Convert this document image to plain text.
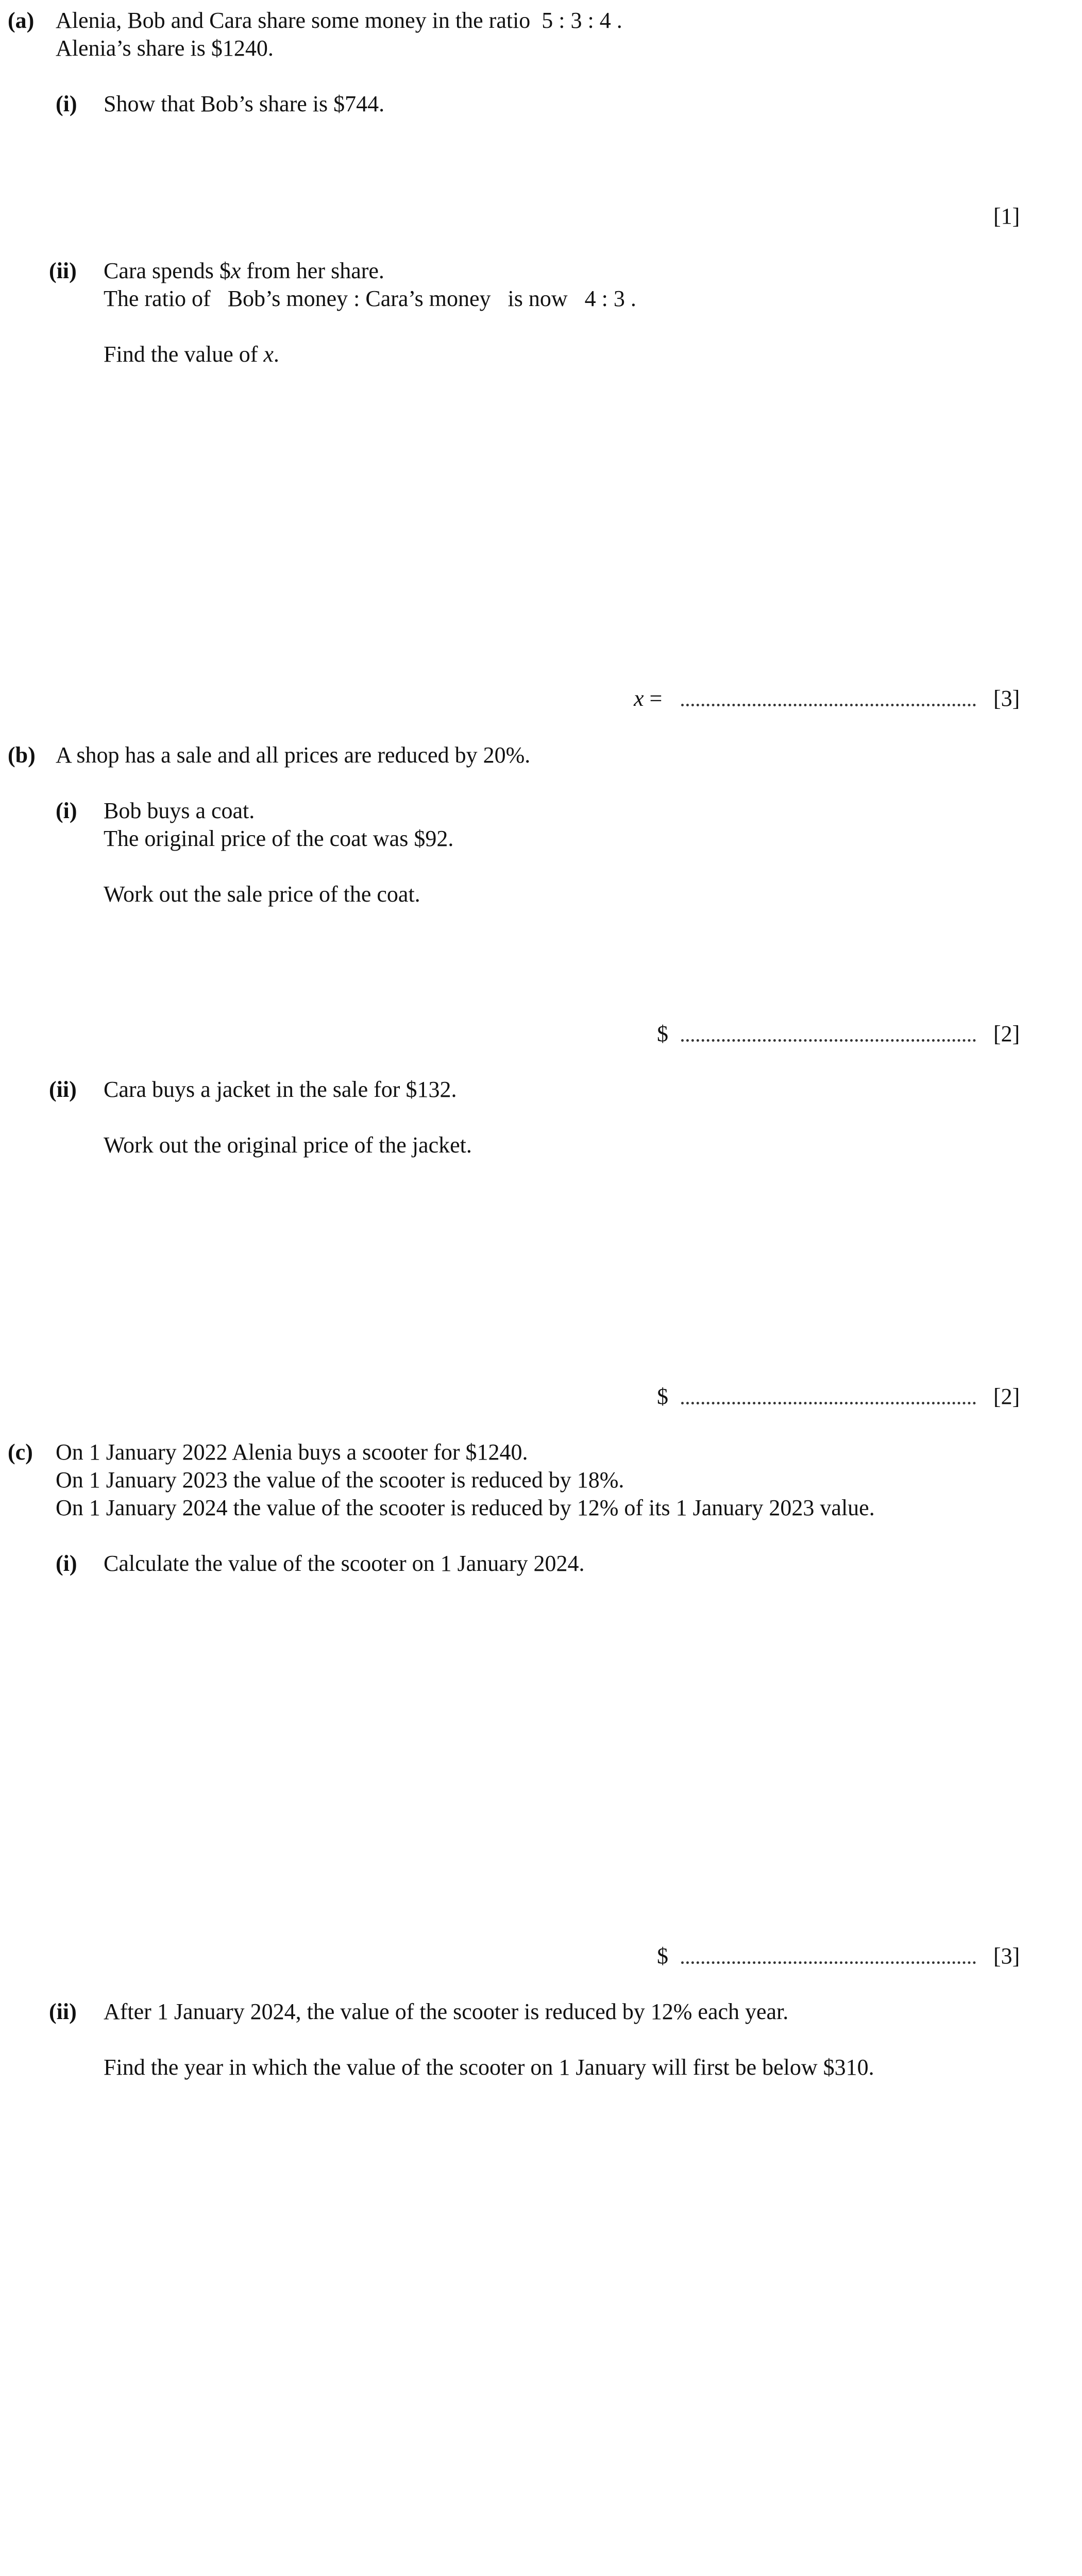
(a) Alenia, Bob and Cara share some money in the ratio  5 : 3 : 4 .
Alenia’s share is $1240.
(i) Show that Bob’s share is $744.
[1]
(ii) Cara spends $x from her share.
The ratio of   Bob’s money : Cara’s money   is now   4 : 3 .
Find the value of x.
x =	[3]
(b) A shop has a sale and all prices are reduced by 20%.
(i) Bob buys a coat.
The original price of the coat was $92.
Work out the sale price of the coat.
$	[2]
(ii) Cara buys a jacket in the sale for $132.
Work out the original price of the jacket.
$	[2]
(c) On 1 January 2022 Alenia buys a scooter for $1240.
On 1 January 2023 the value of the scooter is reduced by 18%.
On 1 January 2024 the value of the scooter is reduced by 12% of its 1 January 2023 value.
(i) Calculate the value of the scooter on 1 January 2024.
$	[3]
(ii) After 1 January 2024, the value of the scooter is reduced by 12% each year.
Find the year in which the value of the scooter on 1 January will first be below $310.
